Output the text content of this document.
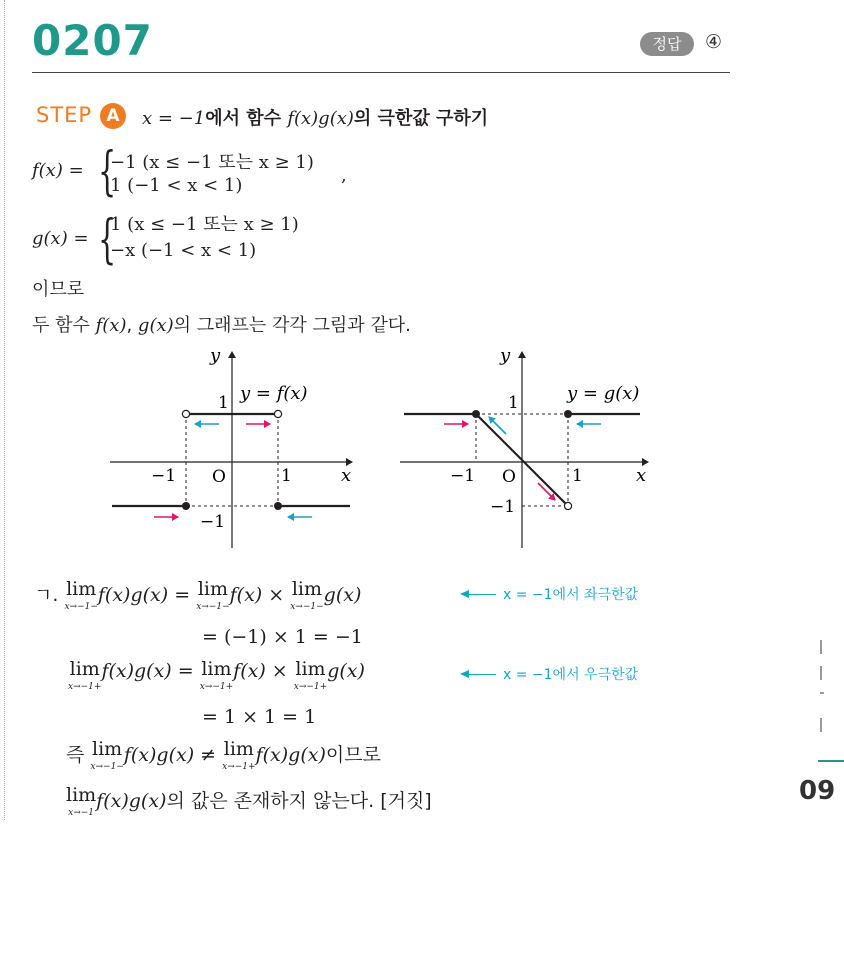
0207	정답	④
STEP A	x = −1에서 함수 f(x)g(x)의 극한값 구하기
f(x) = {
−1 (x ≤ −1 또는 x ≥ 1)
1 (−1 < x < 1)	,
g(x) = {
1 (x ≤ −1 또는 x ≥ 1)
−x (−1 < x < 1)
이므로
두 함수 f(x), g(x)의 그래프는 각각 그림과 같다.
y
x
O
y = f(x)
1
−1
1
−1
y
x
O
y = g(x)
1
−1
1
−1
ㄱ. lim
x→−1−
f(x)g(x) = lim
x→−1−
f(x) × lim
x→−1−
g(x)	x = −1에서 좌극한값
= (−1) × 1 = −1
lim
x→−1+
f(x)g(x) = lim
x→−1+
f(x) × lim
x→−1+
g(x)	x = −1에서 우극한값
= 1 × 1 = 1
즉 lim
x→−1−
f(x)g(x) ≠ lim
x→−1+
f(x)g(x)이므로
lim
x→−1
f(x)g(x)의 값은 존재하지 않는다. [거짓]	09
